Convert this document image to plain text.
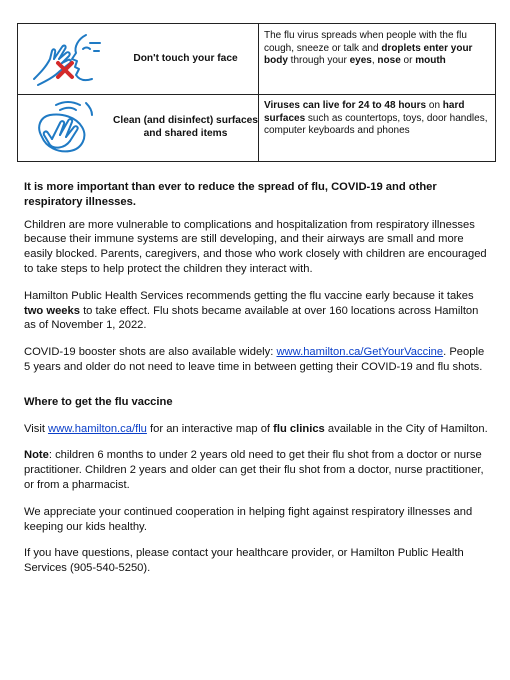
Don't touch your face
The flu virus spreads when people with the flu cough, sneeze or talk and droplets enter your body through your eyes, nose or mouth
Clean (and disinfect) surfaces and shared items
Viruses can live for 24 to 48 hours on hard surfaces such as countertops, toys, door handles, computer keyboards and phones

It is more important than ever to reduce the spread of flu, COVID-19 and other respiratory illnesses.

Children are more vulnerable to complications and hospitalization from respiratory illnesses because their immune systems are still developing, and their airways are small and more easily blocked. Parents, caregivers, and those who work closely with children are encouraged to take steps to help protect the children they interact with.

Hamilton Public Health Services recommends getting the flu vaccine early because it takes two weeks to take effect. Flu shots became available at over 160 locations across Hamilton as of November 1, 2022.

COVID-19 booster shots are also available widely: www.hamilton.ca/GetYourVaccine. People 5 years and older do not need to leave time in between getting their COVID-19 and flu shots.

Where to get the flu vaccine

Visit www.hamilton.ca/flu for an interactive map of flu clinics available in the City of Hamilton.

Note: children 6 months to under 2 years old need to get their flu shot from a doctor or nurse practitioner. Children 2 years and older can get their flu shot from a doctor, nurse practitioner, or from a pharmacist.

We appreciate your continued cooperation in helping fight against respiratory illnesses and keeping our kids healthy.

If you have questions, please contact your healthcare provider, or Hamilton Public Health Services (905-540-5250).
